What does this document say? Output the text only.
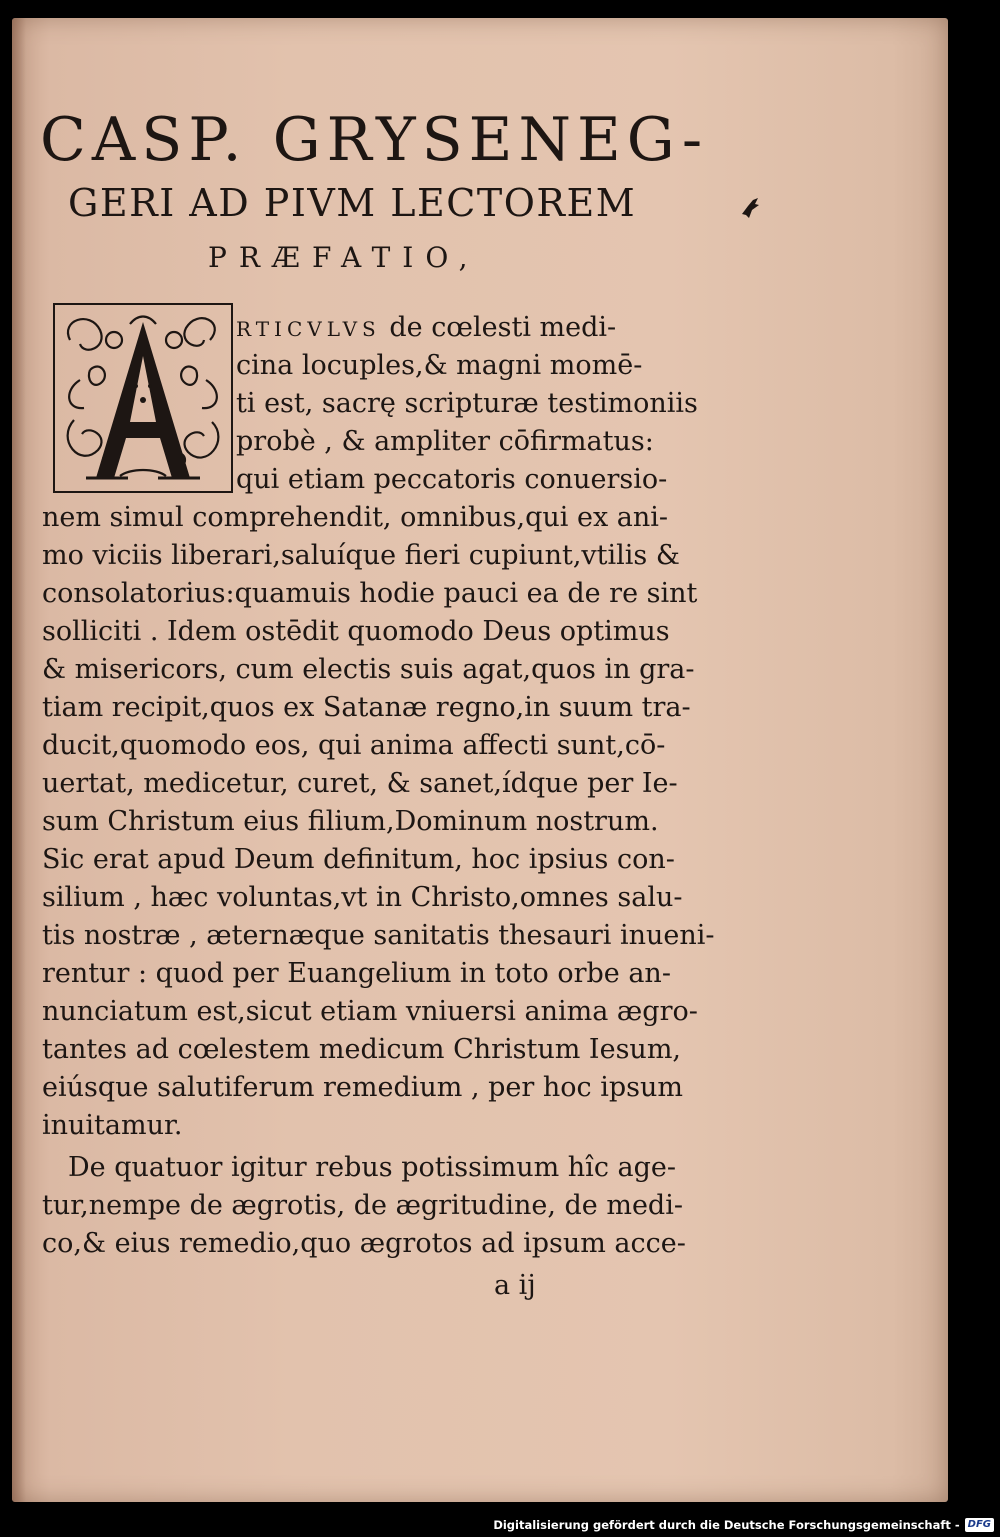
CASP. GRYSENEG-
GERI AD PIVM LECTOREM
PRÆFATIO,
RTICVLVS de cœlesti medi-
cina locuples,& magni momē-
ti est, sacrę scripturæ testimoniis
probè , & ampliter cōfirmatus:
qui etiam peccatoris conuersio-
nem simul comprehendit, omnibus,qui ex ani-
mo viciis liberari,saluíque fieri cupiunt,vtilis &
consolatorius:quamuis hodie pauci ea de re sint
solliciti . Idem ostēdit quomodo Deus optimus
& misericors, cum electis suis agat,quos in gra-
tiam recipit,quos ex Satanæ regno,in suum tra-
ducit,quomodo eos, qui anima affecti sunt,cō-
uertat, medicetur, curet, & sanet,ídque per Ie-
sum Christum eius filium,Dominum nostrum.
Sic erat apud Deum definitum, hoc ipsius con-
silium , hæc voluntas,vt in Christo,omnes salu-
tis nostræ , æternæque sanitatis thesauri inueni-
rentur : quod per Euangelium in toto orbe an-
nunciatum est,sicut etiam vniuersi anima ægro-
tantes ad cœlestem medicum Christum Iesum,
eiúsque salutiferum remedium , per hoc ipsum
inuitamur.
De quatuor igitur rebus potissimum hîc age-
tur,nempe de ægrotis, de ægritudine, de medi-
co,& eius remedio,quo ægrotos ad ipsum acce-
a ij
Digitalisierung gefördert durch die Deutsche Forschungsgemeinschaft - DFG
